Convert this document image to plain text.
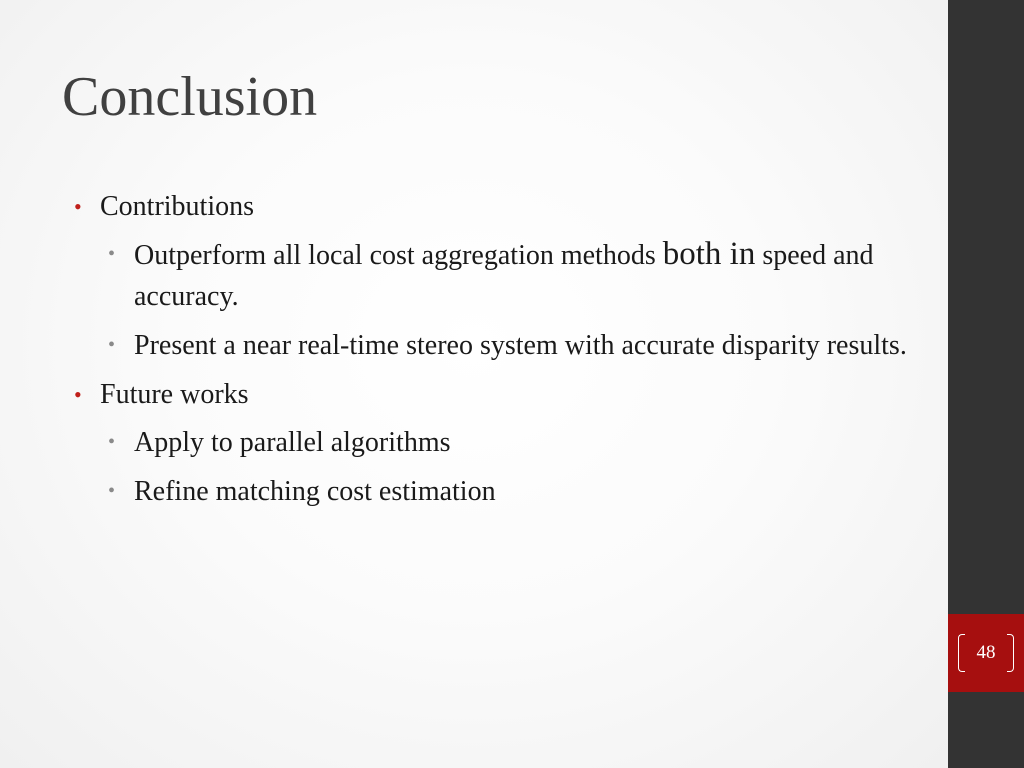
Conclusion
• Contributions
• Outperform all local cost aggregation methods both in speed and accuracy.
• Present a near real-time stereo system with accurate disparity results.
• Future works
• Apply to parallel algorithms
• Refine matching cost estimation
48
